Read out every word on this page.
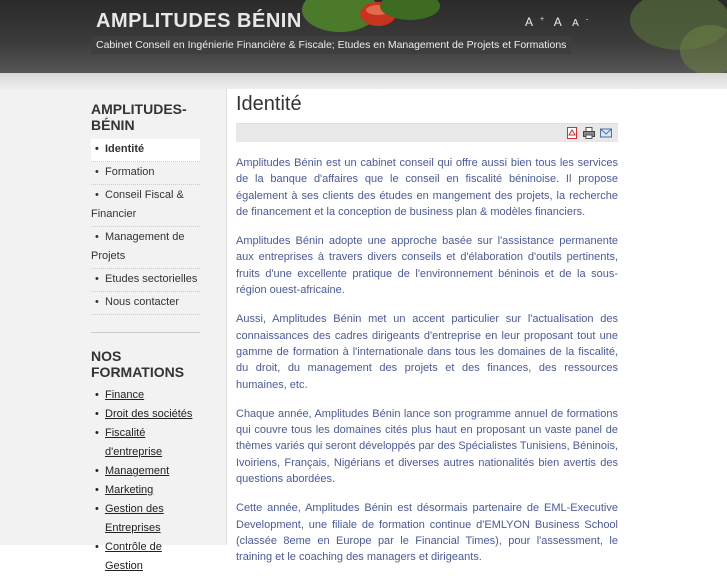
AMPLITUDES BÉNIN
Cabinet Conseil en Ingénierie Financière & Fiscale; Etudes en Management de Projets et Formations
A + A A -
AMPLITUDES-BÉNIN
• Identité
• Formation
• Conseil Fiscal & Financier
• Management de Projets
• Etudes sectorielles
• Nous contacter
NOS FORMATIONS
• Finance
• Droit des sociétés
• Fiscalité d'entreprise
• Management
• Marketing
• Gestion des Entreprises
• Contrôle de Gestion
Identité

Amplitudes Bénin est un cabinet conseil qui offre aussi bien tous les services de la banque d'affaires que le conseil en fiscalité béninoise. Il propose également à ses clients des études en mangement des projets, la recherche de financement et la conception de business plan & modèles financiers.

Amplitudes Bénin adopte une approche basée sur l'assistance permanente aux entreprises à travers divers conseils et d'élaboration d'outils pertinents, fruits d'une excellente pratique de l'environnement béninois et de la sous-région ouest-africaine.

Aussi, Amplitudes Bénin met un accent particulier sur l'actualisation des connaissances des cadres dirigeants d'entreprise en leur proposant tout une gamme de formation à l'internationale dans tous les domaines de la fiscalité, du droit, du management des projets et des finances, des ressources humaines, etc.

Chaque année, Amplitudes Bénin lance son programme annuel de formations qui couvre tous les domaines cités plus haut en proposant un vaste panel de thèmes variés qui seront développés par des Spécialistes Tunisiens, Béninois, Ivoiriens, Français, Nigérians et diverses autres nationalités bien avertis des questions abordées.

Cette année, Amplitudes Bénin est désormais partenaire de EML-Executive Development, une filiale de formation continue d'EMLYON Business School (classée 8eme en Europe par le Financial Times), pour l'assessment, le training et le coaching des managers et dirigeants.
